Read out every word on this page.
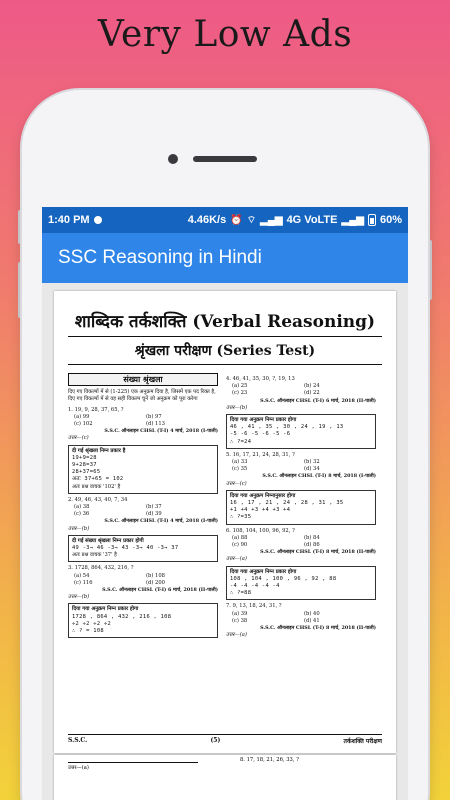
Very Low Ads
1:40 PM	4.46K/s ⏰ ⌔ ▂▄▆ 4G VoLTE ▂▄▆ 60%
SSC Reasoning in Hindi
शाब्दिक तर्कशक्ति (Verbal Reasoning)
श्रृंखला परीक्षण (Series Test)
संख्या श्रृंखला
दिए गए विकल्पों में से (1-225) एक अनुक्रम दिया है, जिसमें एक पद रिक्त है, दिए गए विकल्पों में से वह सही विकल्प चुनें जो अनुक्रम को पूरा करेगा
1. 19, 9, 28, 37, 65, ?
(a) 99	(b) 97
(c) 102	(d) 113
S.S.C. ऑनलाइन CHSL (T-I) 4 मार्च, 2018 (I-पाली)
उत्तर—(c)
दी गई श्रृंखला निम्न प्रकार है
19+9=28
9+28=37
28+37=65
अतः 37+65 = 102
अतः प्रश्न वाचक '102' है
2. 49, 46, 43, 40, 7, 34
(a) 38	(b) 37
(c) 36	(d) 39
S.S.C. ऑनलाइन CHSL (T-I) 4 मार्च, 2018 (I-पाली)
उत्तर—(b)
दी गई संख्या श्रृंखला निम्न प्रकार होगी
49 -3→ 46 -3→ 43 -3→ 40 -3→ 37
अतः प्रश्न वाचक '37' है
3. 1728, 864, 432, 216, ?
(a) 54	(b) 108
(c) 116	(d) 200
S.S.C. ऑनलाइन CHSL (T-I) 6 मार्च, 2018 (II-पाली)
उत्तर—(b)
दिया गया अनुक्रम निम्न प्रकार होगा
1728 , 864 , 432 , 216 , 108
÷2 ÷2 ÷2 ÷2
∴ ? = 108
4. 46, 41, 35, 30, ?, 19, 13
(a) 25	(b) 24
(c) 23	(d) 22
S.S.C. ऑनलाइन CHSL (T-I) 6 मार्च, 2018 (II-पाली)
उत्तर—(b)
दिया गया अनुक्रम निम्न प्रकार होगा
46 , 41 , 35 , 30 , 24 , 19 , 13
-5 -6 -5 -6 -5 -6
∴ ?=24
5. 16, 17, 21, 24, 28, 31, ?
(a) 33	(b) 32
(c) 35	(d) 34
S.S.C. ऑनलाइन CHSL (T-I) 8 मार्च, 2018 (I-पाली)
उत्तर—(c)
दिया गया अनुक्रम निम्नानुसार होगा
16 , 17 , 21 , 24 , 28 , 31 , 35
+1 +4 +3 +4 +3 +4
∴ ?=35
6. 108, 104, 100, 96, 92, ?
(a) 88	(b) 84
(c) 90	(d) 86
S.S.C. ऑनलाइन CHSL (T-I) 8 मार्च, 2018 (II-पाली)
उत्तर—(a)
दिया गया अनुक्रम निम्न प्रकार होगा
108 , 104 , 100 , 96 , 92 , 88
-4 -4 -4 -4 -4
∴ ?=88
7. 9, 13, 18, 24, 31, ?
(a) 39	(b) 40
(c) 38	(d) 41
S.S.C. ऑनलाइन CHSL (T-I) 8 मार्च, 2018 (II-पाली)
उत्तर—(a)
S.S.C.	(5)	तर्कशक्ति परीक्षण
उत्तर—(a)
8. 17, 18, 21, 26, 33, ?
